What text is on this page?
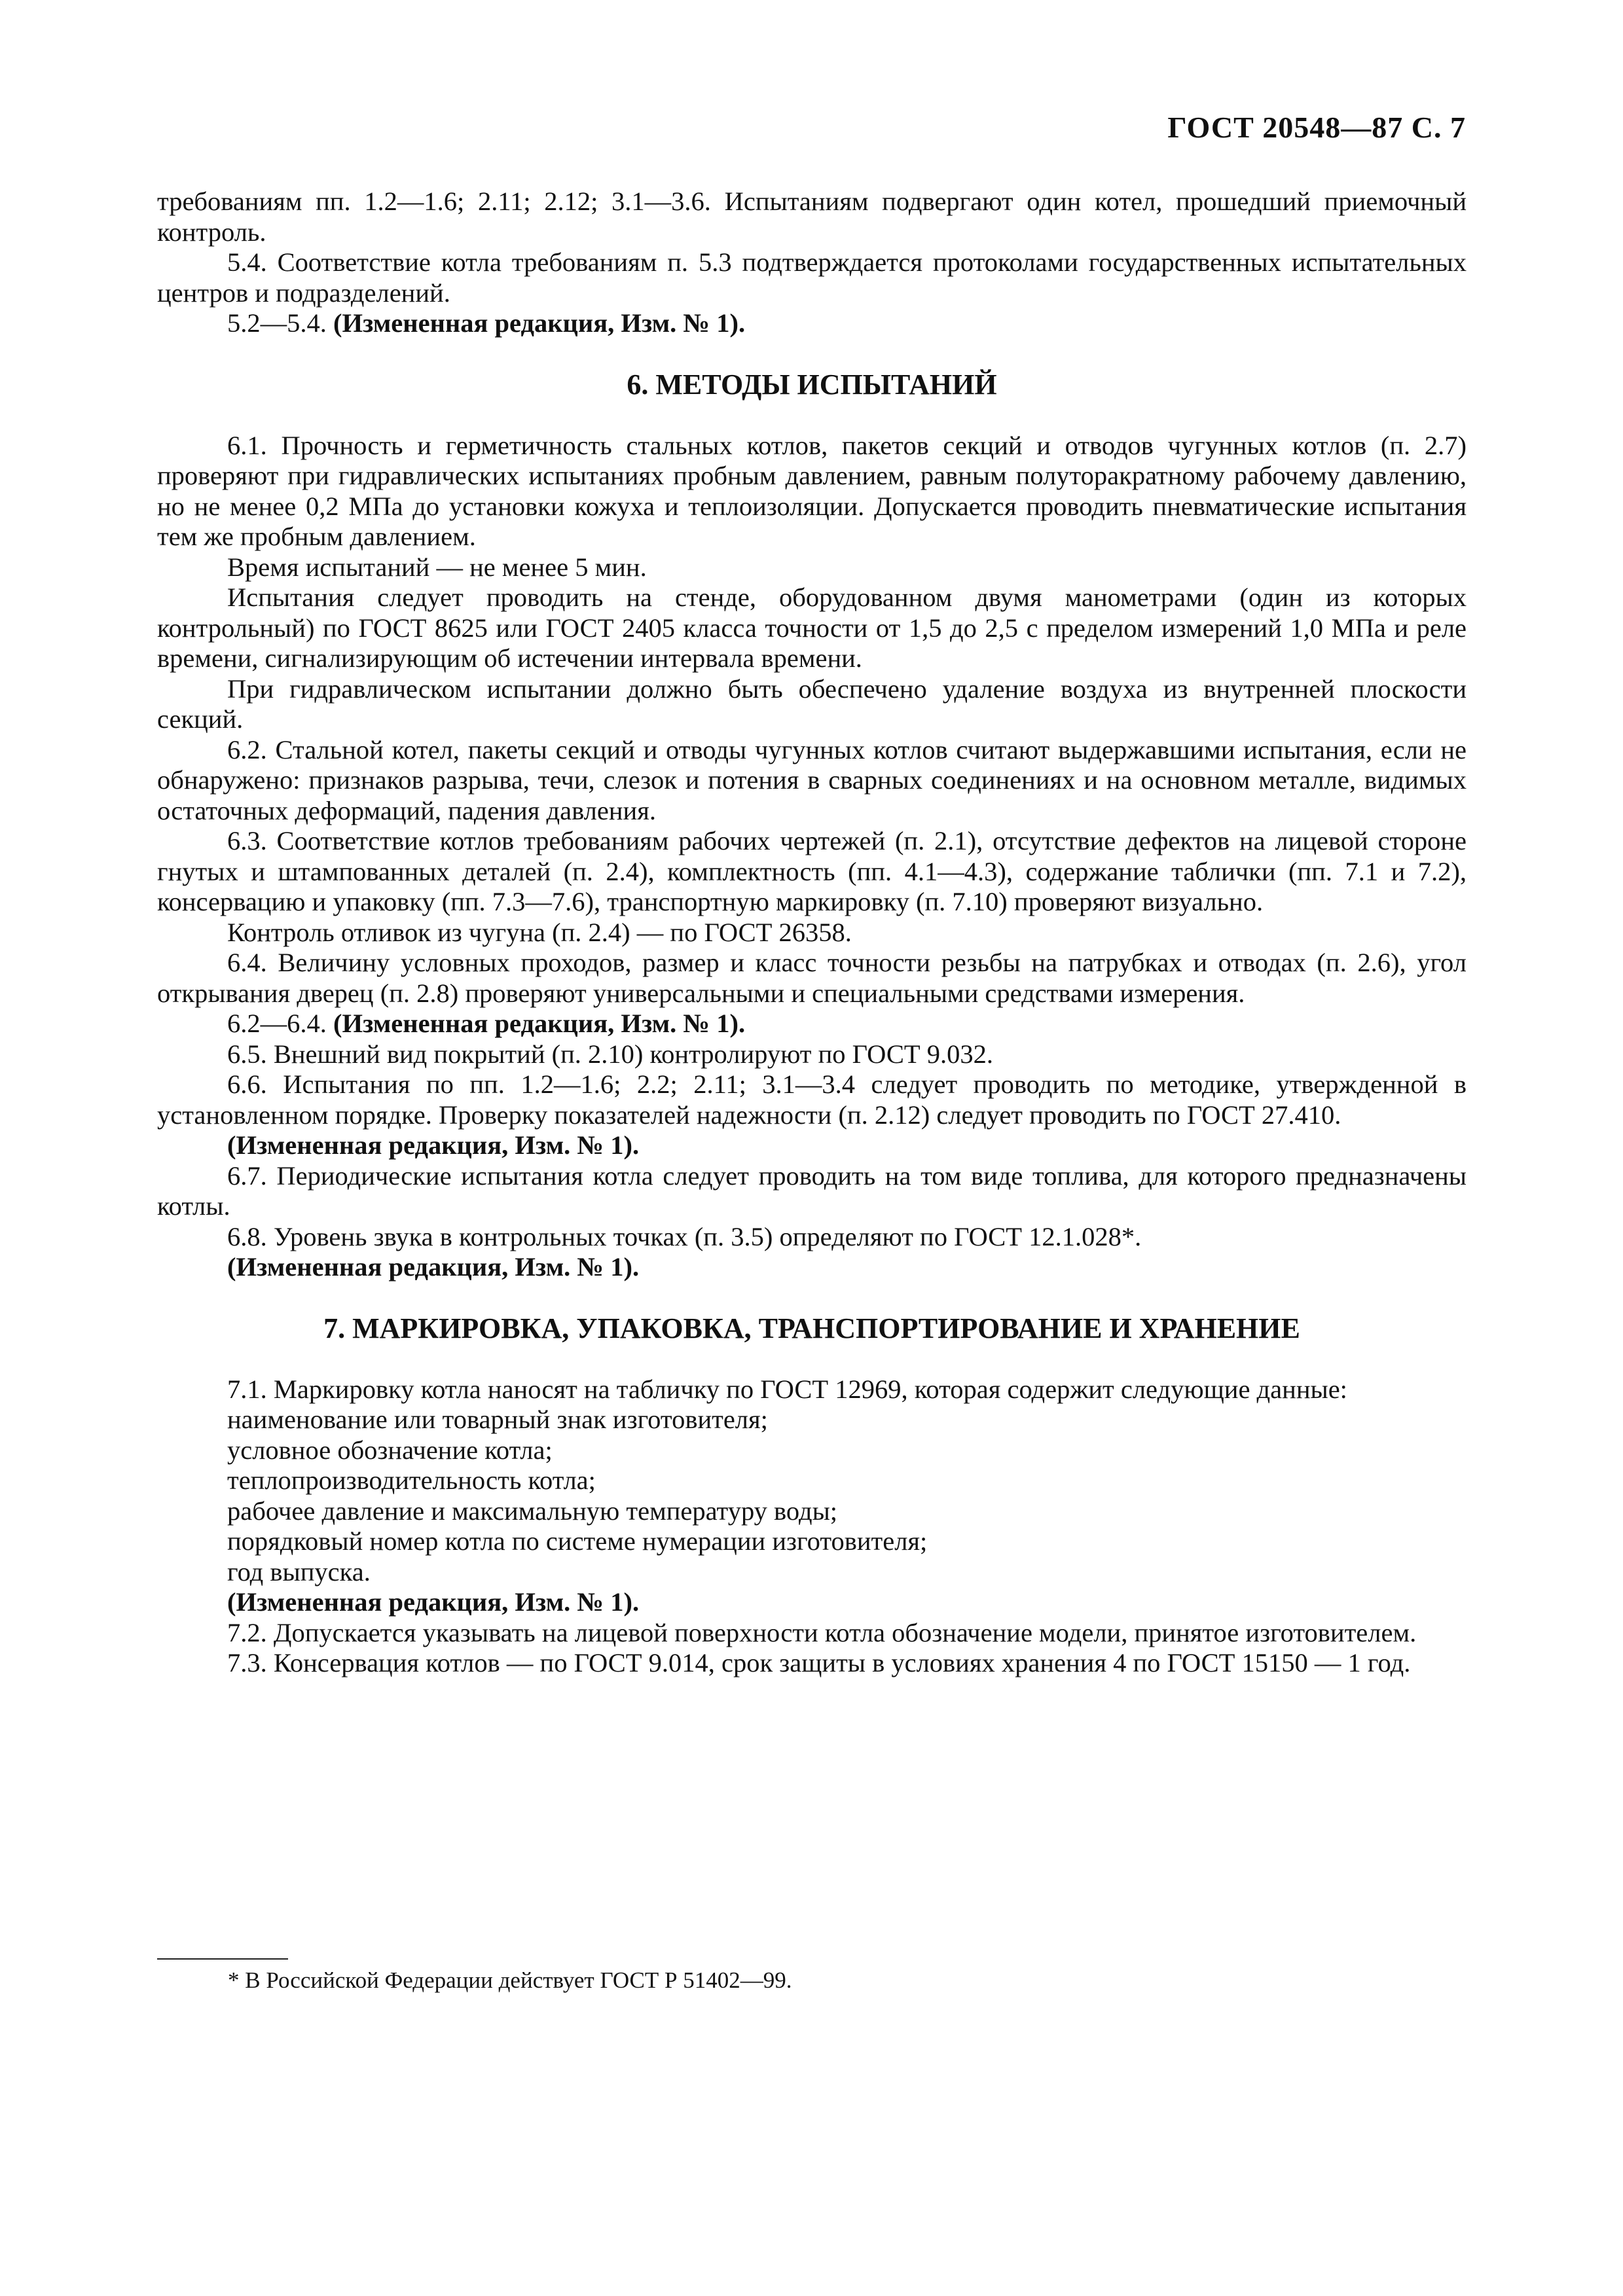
ГОСТ 20548—87 С. 7

требованиям пп. 1.2—1.6; 2.11; 2.12; 3.1—3.6. Испытаниям подвергают один котел, прошедший приемочный контроль.

5.4. Соответствие котла требованиям п. 5.3 подтверждается протоколами государственных испытательных центров и подразделений.

5.2—5.4. (Измененная редакция, Изм. № 1).

6. МЕТОДЫ ИСПЫТАНИЙ

6.1. Прочность и герметичность стальных котлов, пакетов секций и отводов чугунных котлов (п. 2.7) проверяют при гидравлических испытаниях пробным давлением, равным полуторакратному рабочему давлению, но не менее 0,2 МПа до установки кожуха и теплоизоляции. Допускается проводить пневматические испытания тем же пробным давлением.

Время испытаний — не менее 5 мин.

Испытания следует проводить на стенде, оборудованном двумя манометрами (один из которых контрольный) по ГОСТ 8625 или ГОСТ 2405 класса точности от 1,5 до 2,5 с пределом измерений 1,0 МПа и реле времени, сигнализирующим об истечении интервала времени.

При гидравлическом испытании должно быть обеспечено удаление воздуха из внутренней плоскости секций.

6.2. Стальной котел, пакеты секций и отводы чугунных котлов считают выдержавшими испытания, если не обнаружено: признаков разрыва, течи, слезок и потения в сварных соединениях и на основном металле, видимых остаточных деформаций, падения давления.

6.3. Соответствие котлов требованиям рабочих чертежей (п. 2.1), отсутствие дефектов на лицевой стороне гнутых и штампованных деталей (п. 2.4), комплектность (пп. 4.1—4.3), содержание таблички (пп. 7.1 и 7.2), консервацию и упаковку (пп. 7.3—7.6), транспортную маркировку (п. 7.10) проверяют визуально.

Контроль отливок из чугуна (п. 2.4) — по ГОСТ 26358.

6.4. Величину условных проходов, размер и класс точности резьбы на патрубках и отводах (п. 2.6), угол открывания дверец (п. 2.8) проверяют универсальными и специальными средствами измерения.

6.2—6.4. (Измененная редакция, Изм. № 1).

6.5. Внешний вид покрытий (п. 2.10) контролируют по ГОСТ 9.032.

6.6. Испытания по пп. 1.2—1.6; 2.2; 2.11; 3.1—3.4 следует проводить по методике, утвержденной в установленном порядке. Проверку показателей надежности (п. 2.12) следует проводить по ГОСТ 27.410.

(Измененная редакция, Изм. № 1).

6.7. Периодические испытания котла следует проводить на том виде топлива, для которого предназначены котлы.

6.8. Уровень звука в контрольных точках (п. 3.5) определяют по ГОСТ 12.1.028*.

(Измененная редакция, Изм. № 1).

7. МАРКИРОВКА, УПАКОВКА, ТРАНСПОРТИРОВАНИЕ И ХРАНЕНИЕ

7.1. Маркировку котла наносят на табличку по ГОСТ 12969, которая содержит следующие данные:

наименование или товарный знак изготовителя;

условное обозначение котла;

теплопроизводительность котла;

рабочее давление и максимальную температуру воды;

порядковый номер котла по системе нумерации изготовителя;

год выпуска.

(Измененная редакция, Изм. № 1).

7.2. Допускается указывать на лицевой поверхности котла обозначение модели, принятое изготовителем.

7.3. Консервация котлов — по ГОСТ 9.014, срок защиты в условиях хранения 4 по ГОСТ 15150 — 1 год.

* В Российской Федерации действует ГОСТ Р 51402—99.
